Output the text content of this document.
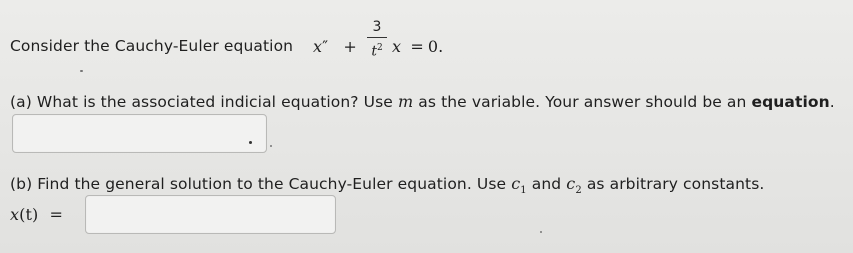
Consider the Cauchy-Euler equation x″ +
3
$t^2$ x = 0.
(a) What is the associated indicial equation? Use m as the variable. Your answer should be an equation.
(b) Find the general solution to the Cauchy-Euler equation. Use $c_1$ and $c_2$ as arbitrary constants.
x(t) =
